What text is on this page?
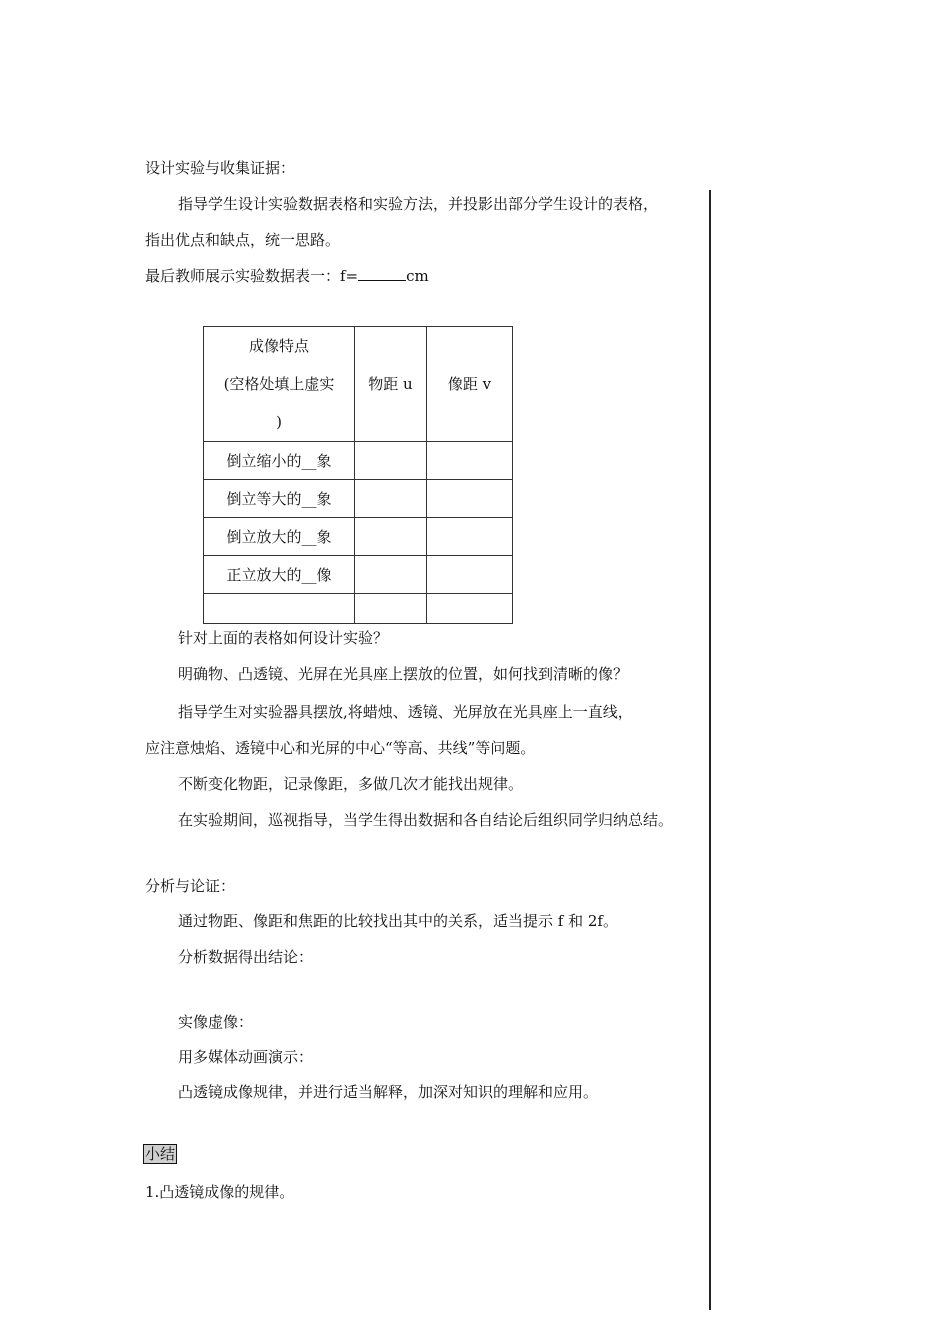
设计实验与收集证据：
指导学生设计实验数据表格和实验方法，并投影出部分学生设计的表格，
指出优点和缺点，统一思路。
最后教师展示实验数据表一：f=	cm
成像特点
(空格处填上虚实
)	物距 u	像距 v
倒立缩小的__象		
倒立等大的__象		
倒立放大的__象		
正立放大的__像		

针对上面的表格如何设计实验？
明确物、凸透镜、光屏在光具座上摆放的位置，如何找到清晰的像？
指导学生对实验器具摆放,将蜡烛、透镜、光屏放在光具座上一直线，
应注意烛焰、透镜中心和光屏的中心“等高、共线”等问题。
不断变化物距，记录像距，多做几次才能找出规律。
在实验期间，巡视指导，当学生得出数据和各自结论后组织同学归纳总结。
分析与论证：
通过物距、像距和焦距的比较找出其中的关系，适当提示 f 和 2f。
分析数据得出结论：
实像虚像：
用多媒体动画演示：
凸透镜成像规律，并进行适当解释，加深对知识的理解和应用。
小结
1.凸透镜成像的规律。
